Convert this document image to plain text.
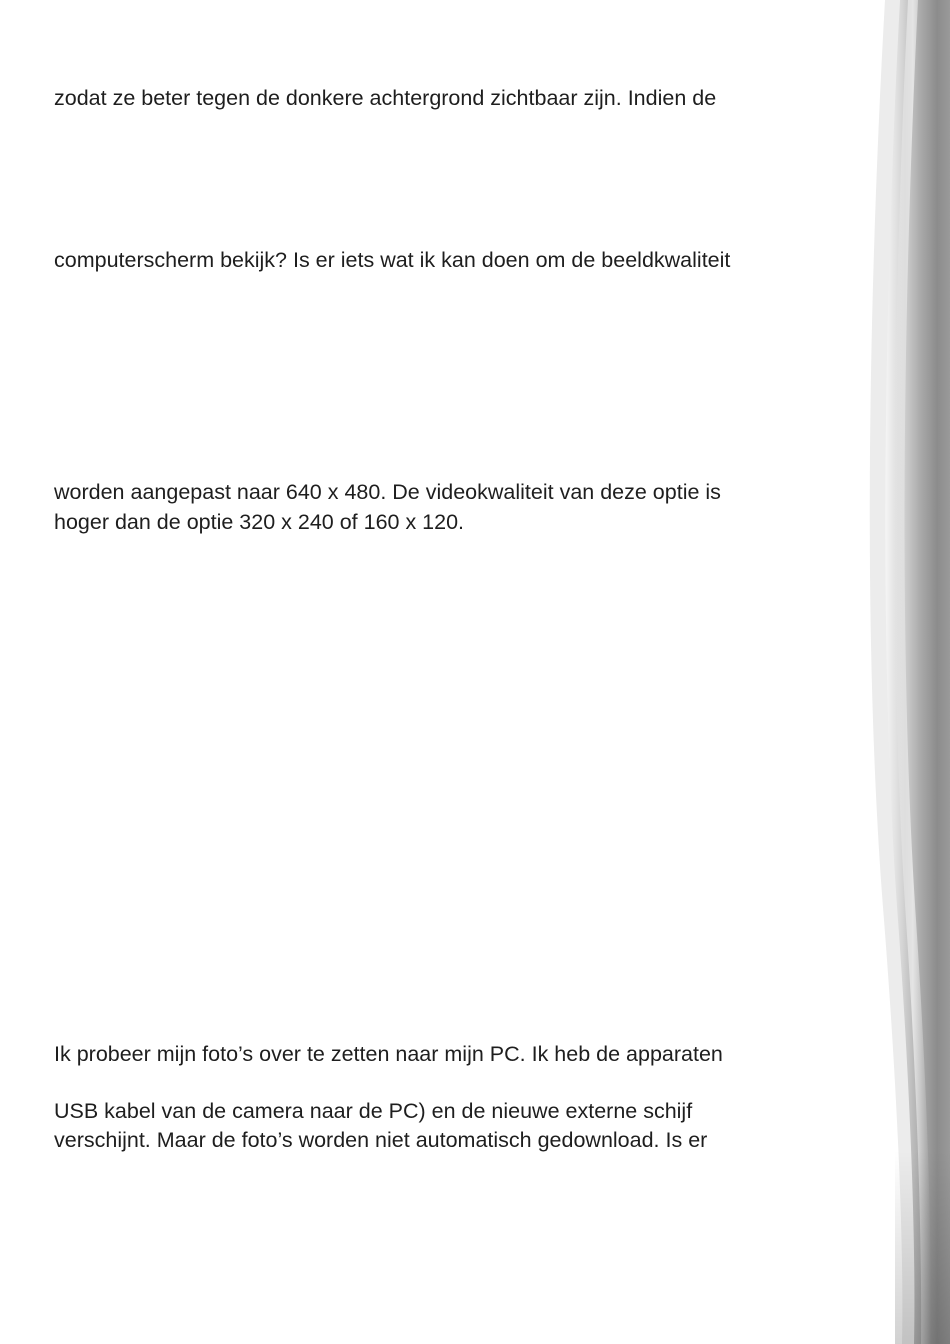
zodat ze beter tegen de donkere achtergrond zichtbaar zijn. Indien de

computerscherm bekijk? Is er iets wat ik kan doen om de beeldkwaliteit

worden aangepast naar 640 x 480. De videokwaliteit van deze optie is

hoger dan de optie 320 x 240 of 160 x 120.

Ik probeer mijn foto’s over te zetten naar mijn PC. Ik heb de apparaten

USB kabel van de camera naar de PC) en de nieuwe externe schijf

verschijnt. Maar de foto’s worden niet automatisch gedownload. Is er
